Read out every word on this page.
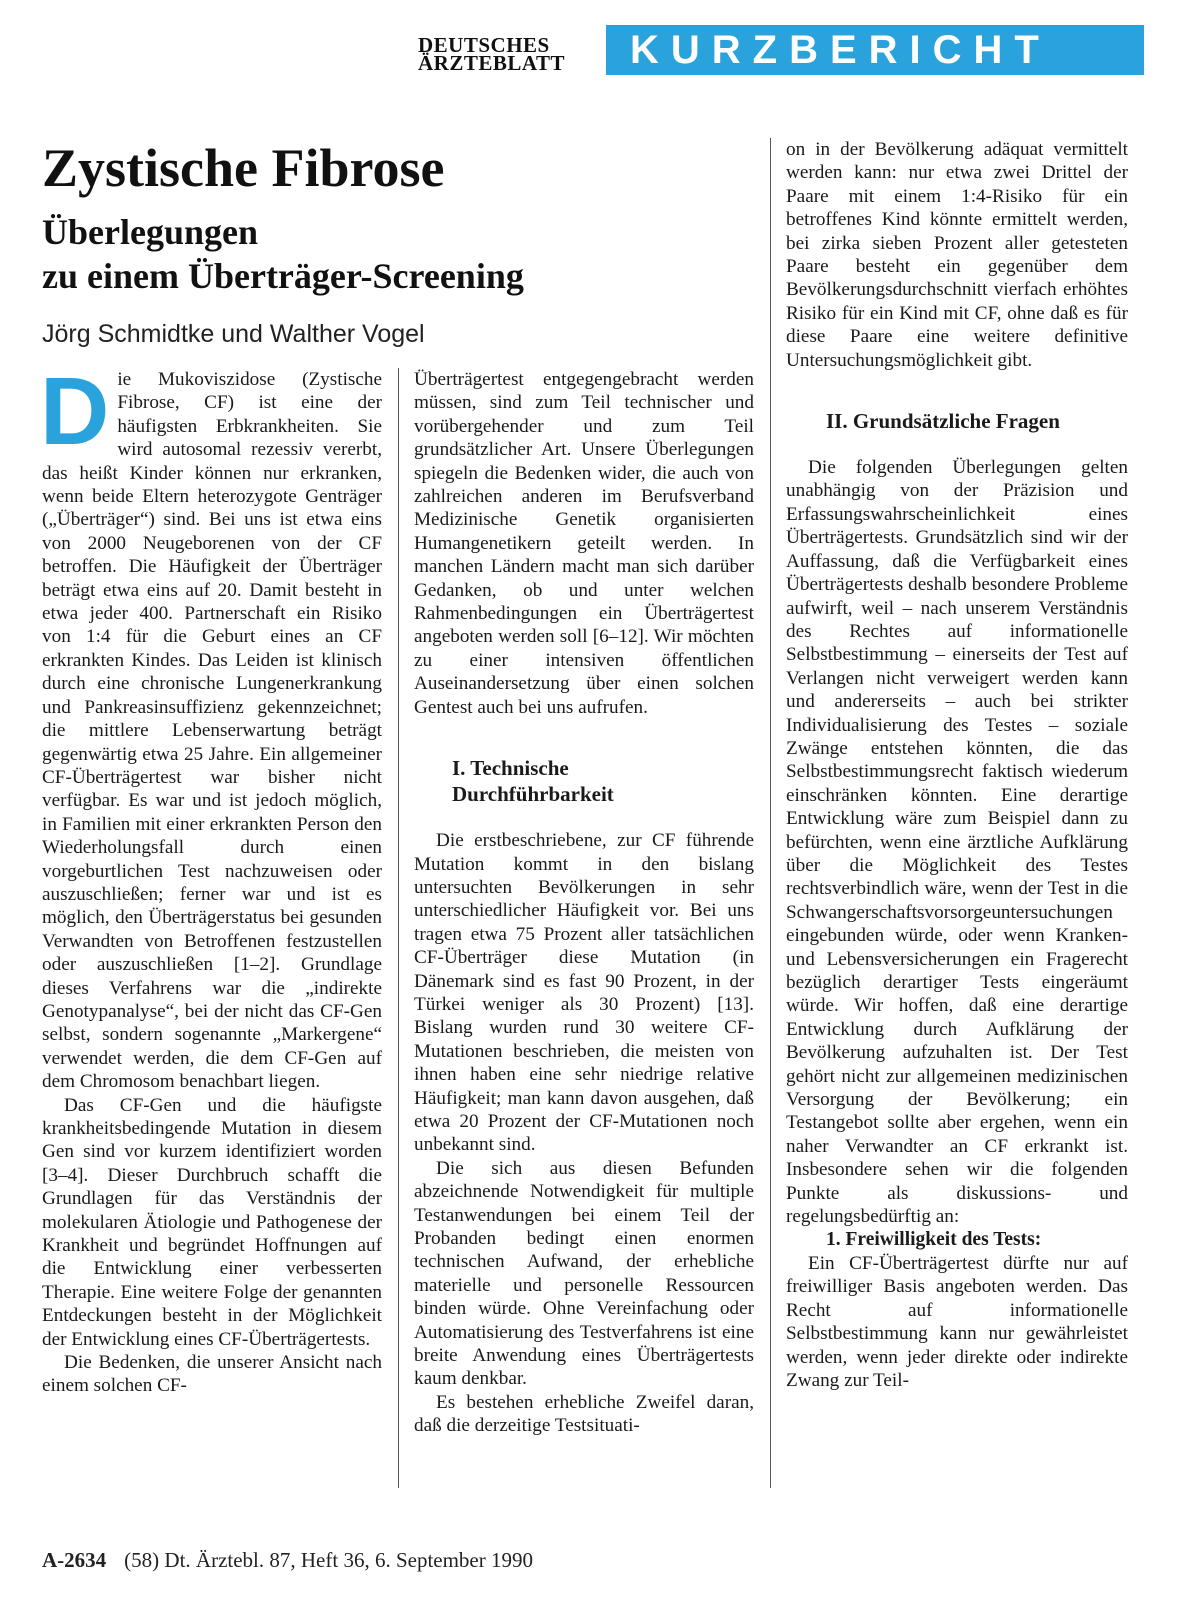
DEUTSCHES
ÄRZTEBLATT	KURZBERICHT
Zystische Fibrose
Überlegungen
zu einem Überträger-Screening

Jörg Schmidtke und Walther Vogel

Die Mukoviszidose (Zystische Fibrose, CF) ist eine der häufigsten Erbkrankheiten. Sie wird autosomal rezessiv vererbt, das heißt Kinder können nur erkranken, wenn beide Eltern heterozygote Genträger („Überträger“) sind. Bei uns ist etwa eins von 2000 Neugeborenen von der CF betroffen. Die Häufigkeit der Überträger beträgt etwa eins auf 20. Damit besteht in etwa jeder 400. Partnerschaft ein Risiko von 1:4 für die Geburt eines an CF erkrankten Kindes. Das Leiden ist klinisch durch eine chronische Lungenerkrankung und Pankreasinsuffizienz gekennzeichnet; die mittlere Lebenserwartung beträgt gegenwärtig etwa 25 Jahre. Ein allgemeiner CF-Überträgertest war bisher nicht verfügbar. Es war und ist jedoch möglich, in Familien mit einer erkrankten Person den Wiederholungsfall durch einen vorgeburtlichen Test nachzuweisen oder auszuschließen; ferner war und ist es möglich, den Überträgerstatus bei gesunden Verwandten von Betroffenen festzustellen oder auszuschließen [1–2]. Grundlage dieses Verfahrens war die „indirekte Genotypanalyse“, bei der nicht das CF-Gen selbst, sondern sogenannte „Markergene“ verwendet werden, die dem CF-Gen auf dem Chromosom benachbart liegen.

Das CF-Gen und die häufigste krankheitsbedingende Mutation in diesem Gen sind vor kurzem identifiziert worden [3–4]. Dieser Durchbruch schafft die Grundlagen für das Verständnis der molekularen Ätiologie und Pathogenese der Krankheit und begründet Hoffnungen auf die Entwicklung einer verbesserten Therapie. Eine weitere Folge der genannten Entdeckungen besteht in der Möglichkeit der Entwicklung eines CF-Überträgertests.

Die Bedenken, die unserer Ansicht nach einem solchen CF-

Überträgertest entgegengebracht werden müssen, sind zum Teil technischer und vorübergehender und zum Teil grundsätzlicher Art. Unsere Überlegungen spiegeln die Bedenken wider, die auch von zahlreichen anderen im Berufsverband Medizinische Genetik organisierten Humangenetikern geteilt werden. In manchen Ländern macht man sich darüber Gedanken, ob und unter welchen Rahmenbedingungen ein Überträgertest angeboten werden soll [6–12]. Wir möchten zu einer intensiven öffentlichen Auseinandersetzung über einen solchen Gentest auch bei uns aufrufen.

I. Technische
Durchführbarkeit

Die erstbeschriebene, zur CF führende Mutation kommt in den bislang untersuchten Bevölkerungen in sehr unterschiedlicher Häufigkeit vor. Bei uns tragen etwa 75 Prozent aller tatsächlichen CF-Überträger diese Mutation (in Dänemark sind es fast 90 Prozent, in der Türkei weniger als 30 Prozent) [13]. Bislang wurden rund 30 weitere CF-Mutationen beschrieben, die meisten von ihnen haben eine sehr niedrige relative Häufigkeit; man kann davon ausgehen, daß etwa 20 Prozent der CF-Mutationen noch unbekannt sind.

Die sich aus diesen Befunden abzeichnende Notwendigkeit für multiple Testanwendungen bei einem Teil der Probanden bedingt einen enormen technischen Aufwand, der erhebliche materielle und personelle Ressourcen binden würde. Ohne Vereinfachung oder Automatisierung des Testverfahrens ist eine breite Anwendung eines Überträgertests kaum denkbar.

Es bestehen erhebliche Zweifel daran, daß die derzeitige Testsituati-

on in der Bevölkerung adäquat vermittelt werden kann: nur etwa zwei Drittel der Paare mit einem 1:4-Risiko für ein betroffenes Kind könnte ermittelt werden, bei zirka sieben Prozent aller getesteten Paare besteht ein gegenüber dem Bevölkerungsdurchschnitt vierfach erhöhtes Risiko für ein Kind mit CF, ohne daß es für diese Paare eine weitere definitive Untersuchungsmöglichkeit gibt.

II. Grundsätzliche Fragen

Die folgenden Überlegungen gelten unabhängig von der Präzision und Erfassungswahrscheinlichkeit eines Überträgertests. Grundsätzlich sind wir der Auffassung, daß die Verfügbarkeit eines Überträgertests deshalb besondere Probleme aufwirft, weil – nach unserem Verständnis des Rechtes auf informationelle Selbstbestimmung – einerseits der Test auf Verlangen nicht verweigert werden kann und andererseits – auch bei strikter Individualisierung des Testes – soziale Zwänge entstehen könnten, die das Selbstbestimmungsrecht faktisch wiederum einschränken könnten. Eine derartige Entwicklung wäre zum Beispiel dann zu befürchten, wenn eine ärztliche Aufklärung über die Möglichkeit des Testes rechtsverbindlich wäre, wenn der Test in die Schwangerschaftsvorsorgeuntersuchungen eingebunden würde, oder wenn Kranken- und Lebensversicherungen ein Fragerecht bezüglich derartiger Tests eingeräumt würde. Wir hoffen, daß eine derartige Entwicklung durch Aufklärung der Bevölkerung aufzuhalten ist. Der Test gehört nicht zur allgemeinen medizinischen Versorgung der Bevölkerung; ein Testangebot sollte aber ergehen, wenn ein naher Verwandter an CF erkrankt ist. Insbesondere sehen wir die folgenden Punkte als diskussions- und regelungsbedürftig an:

1. Freiwilligkeit des Tests:

Ein CF-Überträgertest dürfte nur auf freiwilliger Basis angeboten werden. Das Recht auf informationelle Selbstbestimmung kann nur gewährleistet werden, wenn jeder direkte oder indirekte Zwang zur Teil-

A-2634 (58) Dt. Ärztebl. 87, Heft 36, 6. September 1990
